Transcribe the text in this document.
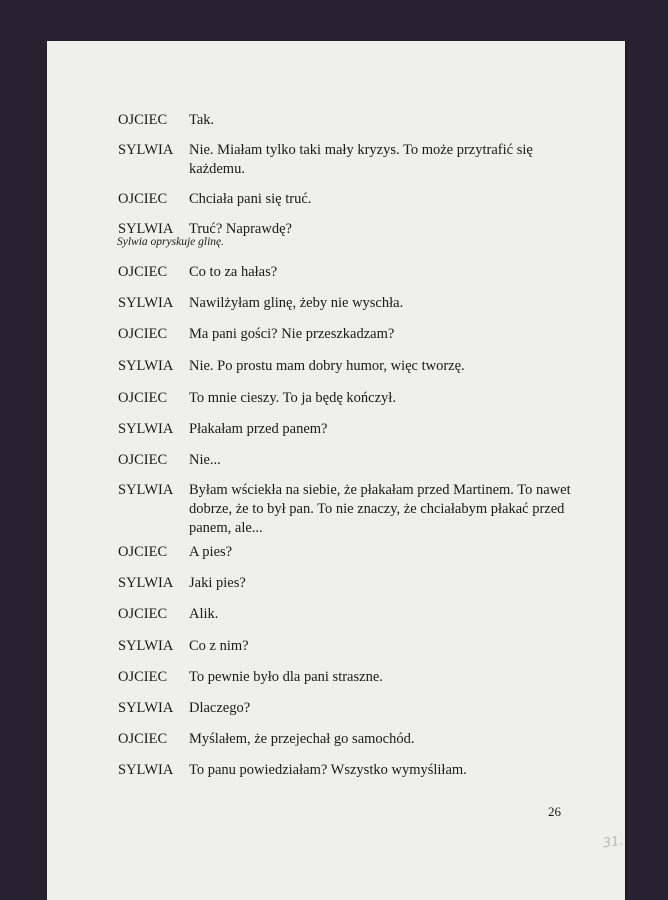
OJCIEC Tak.
SYLWIA Nie. Miałam tylko taki mały kryzys. To może przytrafić się każdemu.
OJCIEC Chciała pani się truć.
SYLWIA Truć? Naprawdę?
Sylwia opryskuje glinę.
OJCIEC Co to za hałas?
SYLWIA Nawilżyłam glinę, żeby nie wyschła.
OJCIEC Ma pani gości? Nie przeszkadzam?
SYLWIA Nie. Po prostu mam dobry humor, więc tworzę.
OJCIEC To mnie cieszy. To ja będę kończył.
SYLWIA Płakałam przed panem?
OJCIEC Nie...
SYLWIA Byłam wściekła na siebie, że płakałam przed Martinem. To nawet dobrze, że to był pan. To nie znaczy, że chciałabym płakać przed panem, ale...
OJCIEC A pies?
SYLWIA Jaki pies?
OJCIEC Alik.
SYLWIA Co z nim?
OJCIEC To pewnie było dla pani straszne.
SYLWIA Dlaczego?
OJCIEC Myślałem, że przejechał go samochód.
SYLWIA To panu powiedziałam? Wszystko wymyśliłam.
26
31.
